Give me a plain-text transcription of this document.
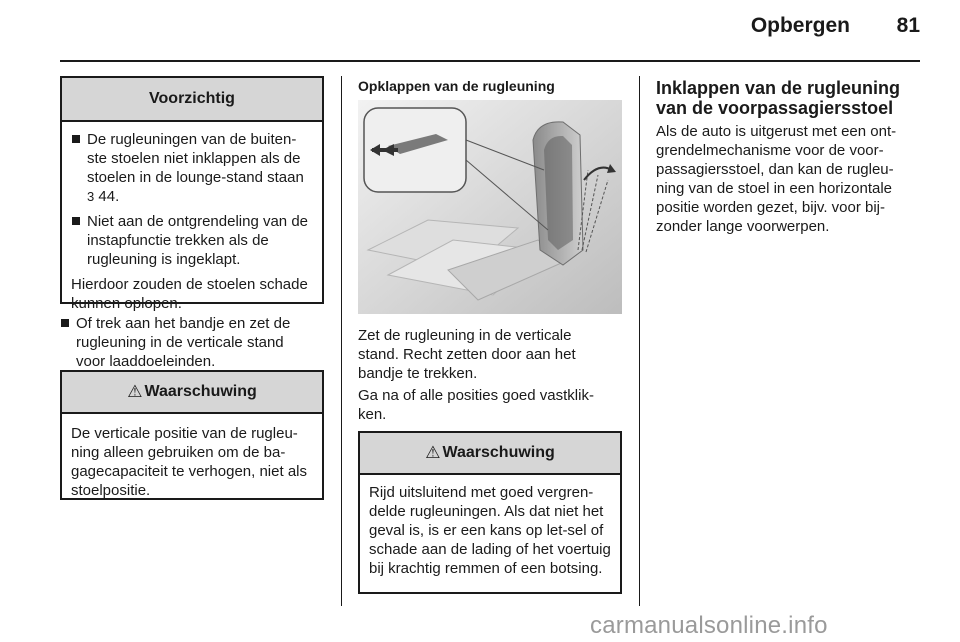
Opbergen	81
Voorzichtig
De rugleuningen van de buiten-ste stoelen niet inklappen als de stoelen in de lounge-stand staan 3 44.
Niet aan de ontgrendeling van de instapfunctie trekken als de rugleuning is ingeklapt.
Hierdoor zouden de stoelen schade kunnen oplopen.
Of trek aan het bandje en zet de rugleuning in de verticale stand voor laaddoeleinden.
⚠ Waarschuwing
De verticale positie van de rugleu-ning alleen gebruiken om de ba-gagecapaciteit te verhogen, niet als stoelpositie.
Opklappen van de rugleuning
Zet de rugleuning in de verticale stand. Recht zetten door aan het bandje te trekken.
Ga na of alle posities goed vastklik-ken.
⚠ Waarschuwing
Rijd uitsluitend met goed vergren-delde rugleuningen. Als dat niet het geval is, is er een kans op let-sel of schade aan de lading of het voertuig bij krachtig remmen of een botsing.
Inklappen van de rugleuning van de voorpassagiersstoel
Als de auto is uitgerust met een ont-grendelmechanisme voor de voor-passagiersstoel, dan kan de rugleu-ning van de stoel in een horizontale positie worden gezet, bijv. voor bij-zonder lange voorwerpen.
carmanualsonline.info
